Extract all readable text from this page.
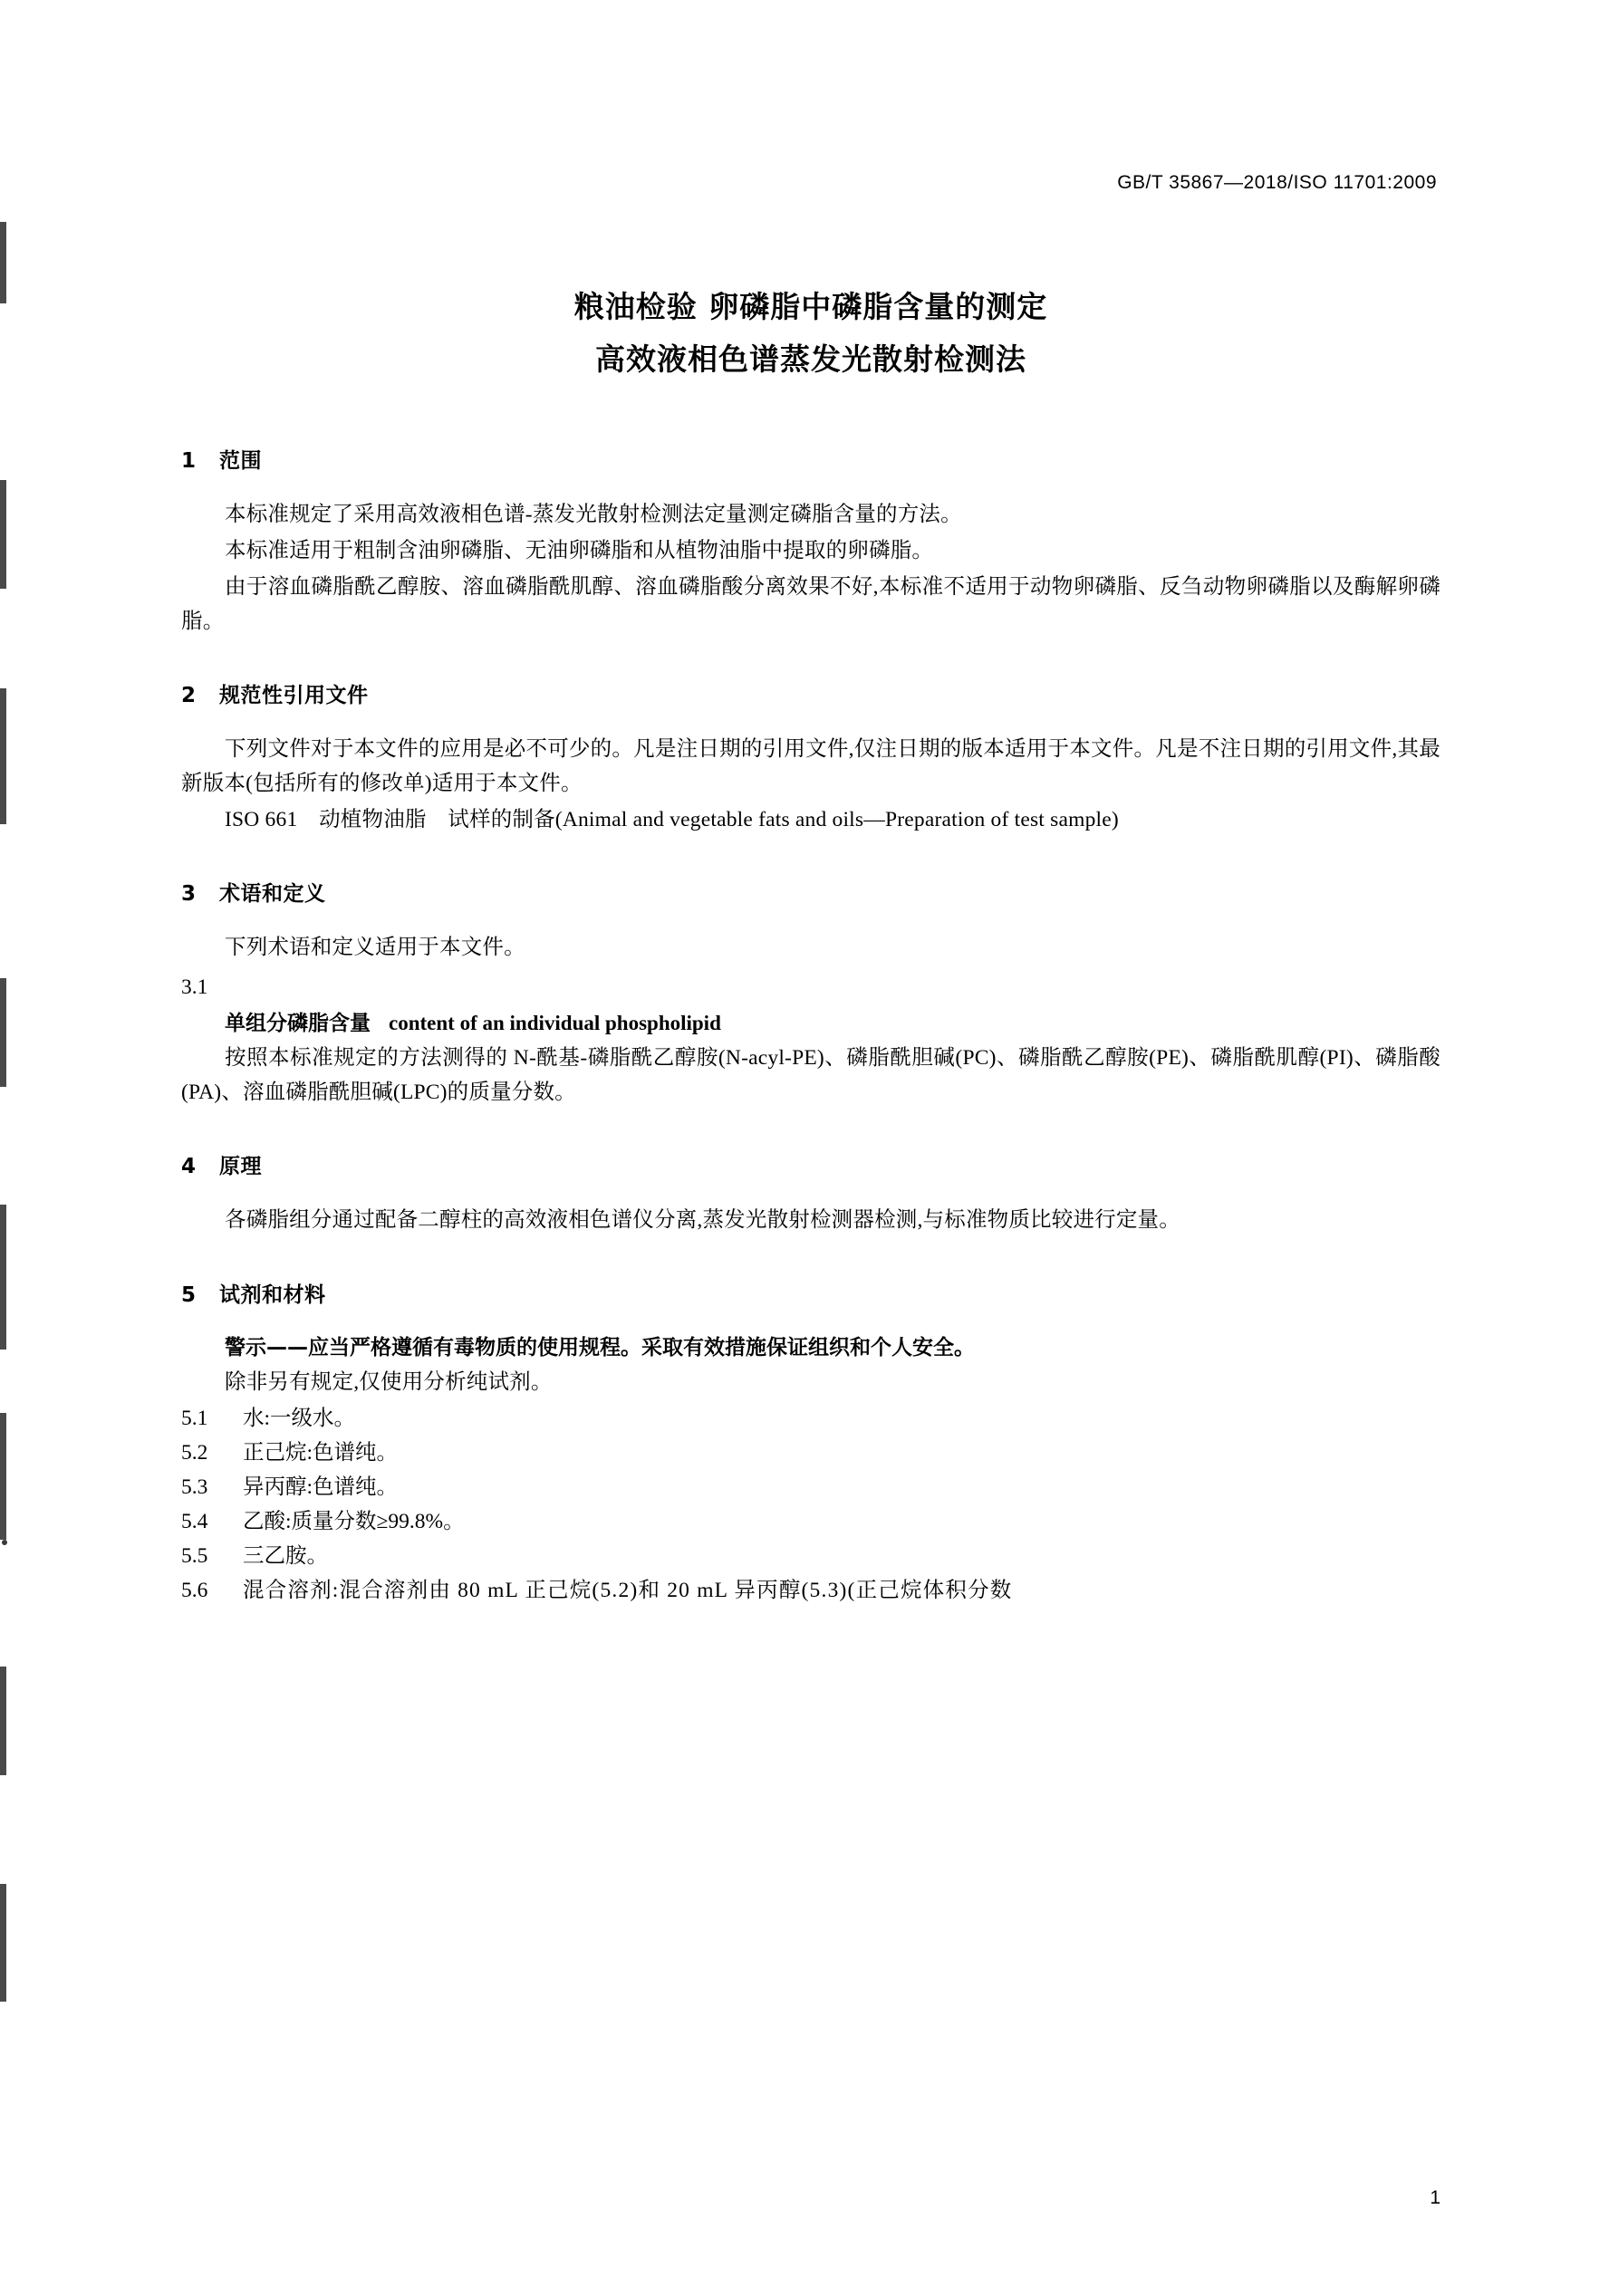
GB/T 35867—2018/ISO 11701:2009
粮油检验 卵磷脂中磷脂含量的测定
高效液相色谱蒸发光散射检测法
1 范围

本标准规定了采用高效液相色谱-蒸发光散射检测法定量测定磷脂含量的方法。

本标准适用于粗制含油卵磷脂、无油卵磷脂和从植物油脂中提取的卵磷脂。

由于溶血磷脂酰乙醇胺、溶血磷脂酰肌醇、溶血磷脂酸分离效果不好,本标准不适用于动物卵磷脂、反刍动物卵磷脂以及酶解卵磷脂。

2 规范性引用文件

下列文件对于本文件的应用是必不可少的。凡是注日期的引用文件,仅注日期的版本适用于本文件。凡是不注日期的引用文件,其最新版本(包括所有的修改单)适用于本文件。

ISO 661　动植物油脂　试样的制备(Animal and vegetable fats and oils—Preparation of test sample)

3 术语和定义

下列术语和定义适用于本文件。

3.1

单组分磷脂含量 content of an individual phospholipid

按照本标准规定的方法测得的 N-酰基-磷脂酰乙醇胺(N-acyl-PE)、磷脂酰胆碱(PC)、磷脂酰乙醇胺(PE)、磷脂酰肌醇(PI)、磷脂酸(PA)、溶血磷脂酰胆碱(LPC)的质量分数。

4 原理

各磷脂组分通过配备二醇柱的高效液相色谱仪分离,蒸发光散射检测器检测,与标准物质比较进行定量。

5 试剂和材料

警示——应当严格遵循有毒物质的使用规程。采取有效措施保证组织和个人安全。

除非另有规定,仅使用分析纯试剂。

5.1	水:一级水。
5.2	正己烷:色谱纯。
5.3	异丙醇:色谱纯。
5.4	乙酸:质量分数≥99.8%。
5.5	三乙胺。
5.6	混合溶剂:混合溶剂由 80 mL 正己烷(5.2)和 20 mL 异丙醇(5.3)(正己烷体积分数
1
